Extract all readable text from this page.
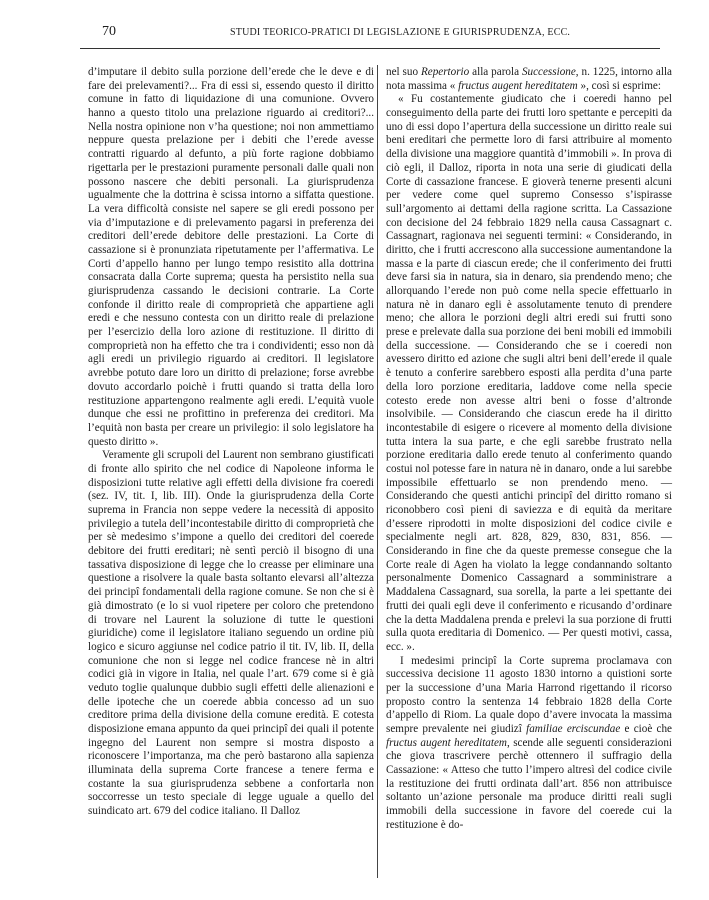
70	STUDI TEORICO-PRATICI DI LEGISLAZIONE E GIURISPRUDENZA, ECC.

d’imputare il debito sulla porzione dell’erede che le deve e di fare dei prelevamenti?... Fra di essi si, essendo questo il diritto comune in fatto di liquidazione di una comunione. Ovvero hanno a questo titolo una prelazione riguardo ai creditori?... Nella nostra opinione non v’ha questione; noi non ammettiamo neppure questa prelazione per i debiti che l’erede avesse contratti riguardo al defunto, a più forte ragione dobbiamo rigettarla per le prestazioni puramente personali dalle quali non possono nascere che debiti personali. La giurisprudenza ugualmente che la dottrina è scissa intorno a siffatta questione. La vera difficoltà consiste nel sapere se gli eredi possono per via d’imputazione e di prelevamento pagarsi in preferenza dei creditori dell’erede debitore delle prestazioni. La Corte di cassazione si è pronunziata ripetutamente per l’affermativa. Le Corti d’appello hanno per lungo tempo resistito alla dottrina consacrata dalla Corte suprema; questa ha persistito nella sua giurisprudenza cassando le decisioni contrarie. La Corte confonde il diritto reale di comproprietà che appartiene agli eredi e che nessuno contesta con un diritto reale di prelazione per l’esercizio della loro azione di restituzione. Il diritto di comproprietà non ha effetto che tra i condividenti; esso non dà agli eredi un privilegio riguardo ai creditori. Il legislatore avrebbe potuto dare loro un diritto di prelazione; forse avrebbe dovuto accordarlo poichè i frutti quando si tratta della loro restituzione appartengono realmente agli eredi. L’equità vuole dunque che essi ne profittino in preferenza dei creditori. Ma l’equità non basta per creare un privilegio: il solo legislatore ha questo diritto ».

Veramente gli scrupoli del Laurent non sembrano giustificati di fronte allo spirito che nel codice di Napoleone informa le disposizioni tutte relative agli effetti della divisione fra coeredi (sez. IV, tit. I, lib. III). Onde la giurisprudenza della Corte suprema in Francia non seppe vedere la necessità di apposito privilegio a tutela dell’incontestabile diritto di comproprietà che per sè medesimo s’impone a quello dei creditori del coerede debitore dei frutti ereditari; nè sentì perciò il bisogno di una tassativa disposizione di legge che lo creasse per eliminare una questione a risolvere la quale basta soltanto elevarsi all’altezza dei principî fondamentali della ragione comune. Se non che si è già dimostrato (e lo si vuol ripetere per coloro che pretendono di trovare nel Laurent la soluzione di tutte le questioni giuridiche) come il legislatore italiano seguendo un ordine più logico e sicuro aggiunse nel codice patrio il tit. IV, lib. II, della comunione che non si legge nel codice francese nè in altri codici già in vigore in Italia, nel quale l’art. 679 come si è già veduto toglie qualunque dubbio sugli effetti delle alienazioni e delle ipoteche che un coerede abbia concesso ad un suo creditore prima della divisione della comune eredità. E cotesta disposizione emana appunto da quei principî dei quali il potente ingegno del Laurent non sempre si mostra disposto a riconoscere l’importanza, ma che però bastarono alla sapienza illuminata della suprema Corte francese a tenere ferma e costante la sua giurisprudenza sebbene a confortarla non soccorresse un testo speciale di legge uguale a quello del suindicato art. 679 del codice italiano. Il Dalloz

nel suo Repertorio alla parola Successione, n. 1225, intorno alla nota massima « fructus augent hereditatem », così si esprime:

« Fu costantemente giudicato che i coeredi hanno pel conseguimento della parte dei frutti loro spettante e percepiti da uno di essi dopo l’apertura della successione un diritto reale sui beni ereditari che permette loro di farsi attribuire al momento della divisione una maggiore quantità d’immobili ». In prova di ciò egli, il Dalloz, riporta in nota una serie di giudicati della Corte di cassazione francese. E gioverà tenerne presenti alcuni per vedere come quel supremo Consesso s’ispirasse sull’argomento ai dettami della ragione scritta. La Cassazione con decisione del 24 febbraio 1829 nella causa Cassagnart c. Cassagnart, ragionava nei seguenti termini: « Considerando, in diritto, che i frutti accrescono alla successione aumentandone la massa e la parte di ciascun erede; che il conferimento dei frutti deve farsi sia in natura, sia in denaro, sia prendendo meno; che allorquando l’erede non può come nella specie effettuarlo in natura nè in danaro egli è assolutamente tenuto di prendere meno; che allora le porzioni degli altri eredi sui frutti sono prese e prelevate dalla sua porzione dei beni mobili ed immobili della successione. — Considerando che se i coeredi non avessero diritto ed azione che sugli altri beni dell’erede il quale è tenuto a conferire sarebbero esposti alla perdita d’una parte della loro porzione ereditaria, laddove come nella specie cotesto erede non avesse altri beni o fosse d’altronde insolvibile. — Considerando che ciascun erede ha il diritto incontestabile di esigere o ricevere al momento della divisione tutta intera la sua parte, e che egli sarebbe frustrato nella porzione ereditaria dallo erede tenuto al conferimento quando costui nol potesse fare in natura nè in danaro, onde a lui sarebbe impossibile effettuarlo se non prendendo meno. — Considerando che questi antichi principî del diritto romano si riconobbero così pieni di saviezza e di equità da meritare d’essere riprodotti in molte disposizioni del codice civile e specialmente negli art. 828, 829, 830, 831, 856. — Considerando in fine che da queste premesse consegue che la Corte reale di Agen ha violato la legge condannando soltanto personalmente Domenico Cassagnard a somministrare a Maddalena Cassagnard, sua sorella, la parte a lei spettante dei frutti dei quali egli deve il conferimento e ricusando d’ordinare che la detta Maddalena prenda e prelevi la sua porzione di frutti sulla quota ereditaria di Domenico. — Per questi motivi, cassa, ecc. ».

I medesimi principî la Corte suprema proclamava con successiva decisione 11 agosto 1830 intorno a quistioni sorte per la successione d’una Maria Harrond rigettando il ricorso proposto contro la sentenza 14 febbraio 1828 della Corte d’appello di Riom. La quale dopo d’avere invocata la massima sempre prevalente nei giudizî familiae erciscundae e cioè che fructus augent hereditatem, scende alle seguenti considerazioni che giova trascrivere perchè ottennero il suffragio della Cassazione: « Atteso che tutto l’impero altresì del codice civile la restituzione dei frutti ordinata dall’art. 856 non attribuisce soltanto un’azione personale ma produce diritti reali sugli immobili della successione in favore del coerede cui la restituzione è do-
